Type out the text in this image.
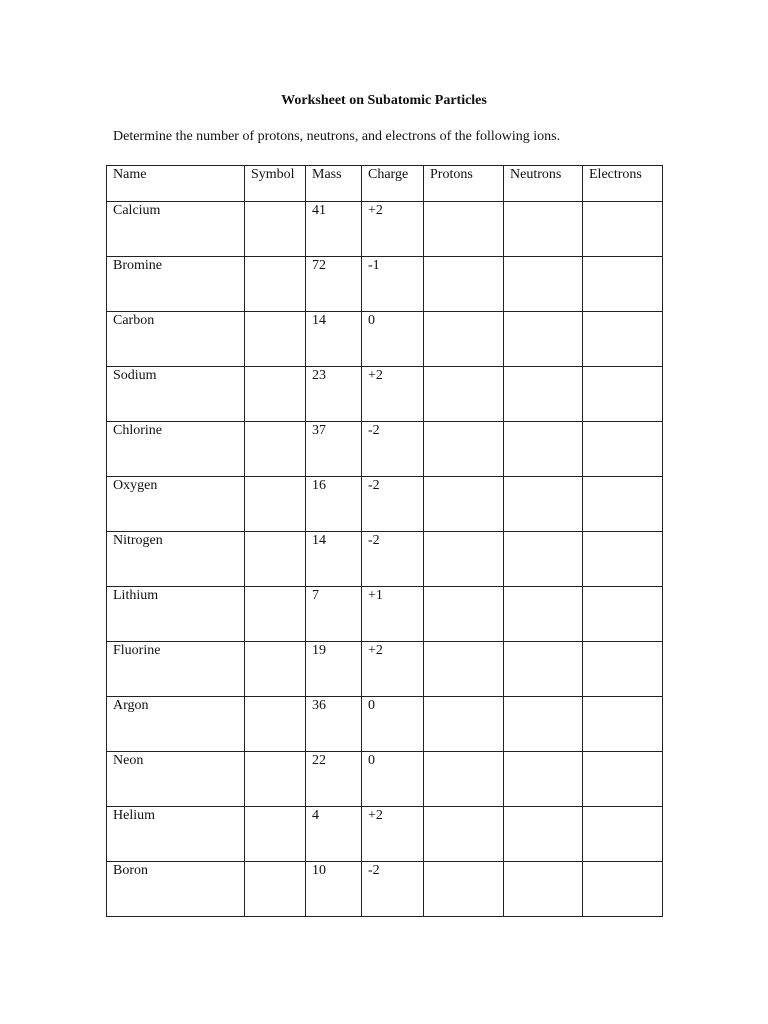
Worksheet on Subatomic Particles
Determine the number of protons, neutrons, and electrons of the following ions.
Name	Symbol	Mass	Charge	Protons	Neutrons	Electrons
Calcium		41	+2			
Bromine		72	-1			
Carbon		14	0			
Sodium		23	+2			
Chlorine		37	-2			
Oxygen		16	-2			
Nitrogen		14	-2			
Lithium		7	+1			
Fluorine		19	+2			
Argon		36	0			
Neon		22	0			
Helium		4	+2			
Boron		10	-2			
